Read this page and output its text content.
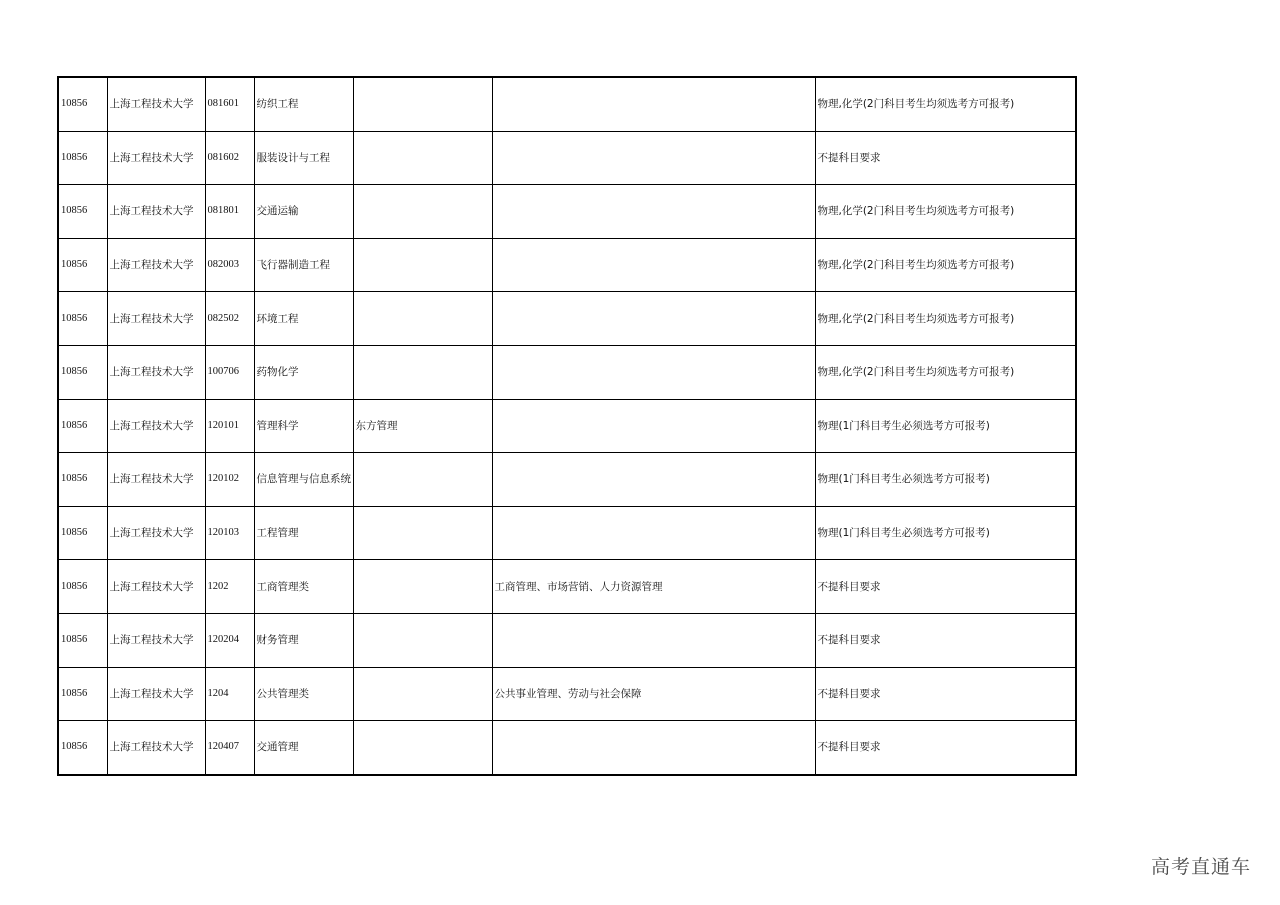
10856	上海工程技术大学	081601	纺织工程			物理,化学(2门科目考生均须选考方可报考)
10856	上海工程技术大学	081602	服装设计与工程			不提科目要求
10856	上海工程技术大学	081801	交通运输			物理,化学(2门科目考生均须选考方可报考)
10856	上海工程技术大学	082003	飞行器制造工程			物理,化学(2门科目考生均须选考方可报考)
10856	上海工程技术大学	082502	环境工程			物理,化学(2门科目考生均须选考方可报考)
10856	上海工程技术大学	100706	药物化学			物理,化学(2门科目考生均须选考方可报考)
10856	上海工程技术大学	120101	管理科学	东方管理		物理(1门科目考生必须选考方可报考)
10856	上海工程技术大学	120102	信息管理与信息系统			物理(1门科目考生必须选考方可报考)
10856	上海工程技术大学	120103	工程管理			物理(1门科目考生必须选考方可报考)
10856	上海工程技术大学	1202	工商管理类		工商管理、市场营销、人力资源管理	不提科目要求
10856	上海工程技术大学	120204	财务管理			不提科目要求
10856	上海工程技术大学	1204	公共管理类		公共事业管理、劳动与社会保障	不提科目要求
10856	上海工程技术大学	120407	交通管理			不提科目要求
高考直通车
